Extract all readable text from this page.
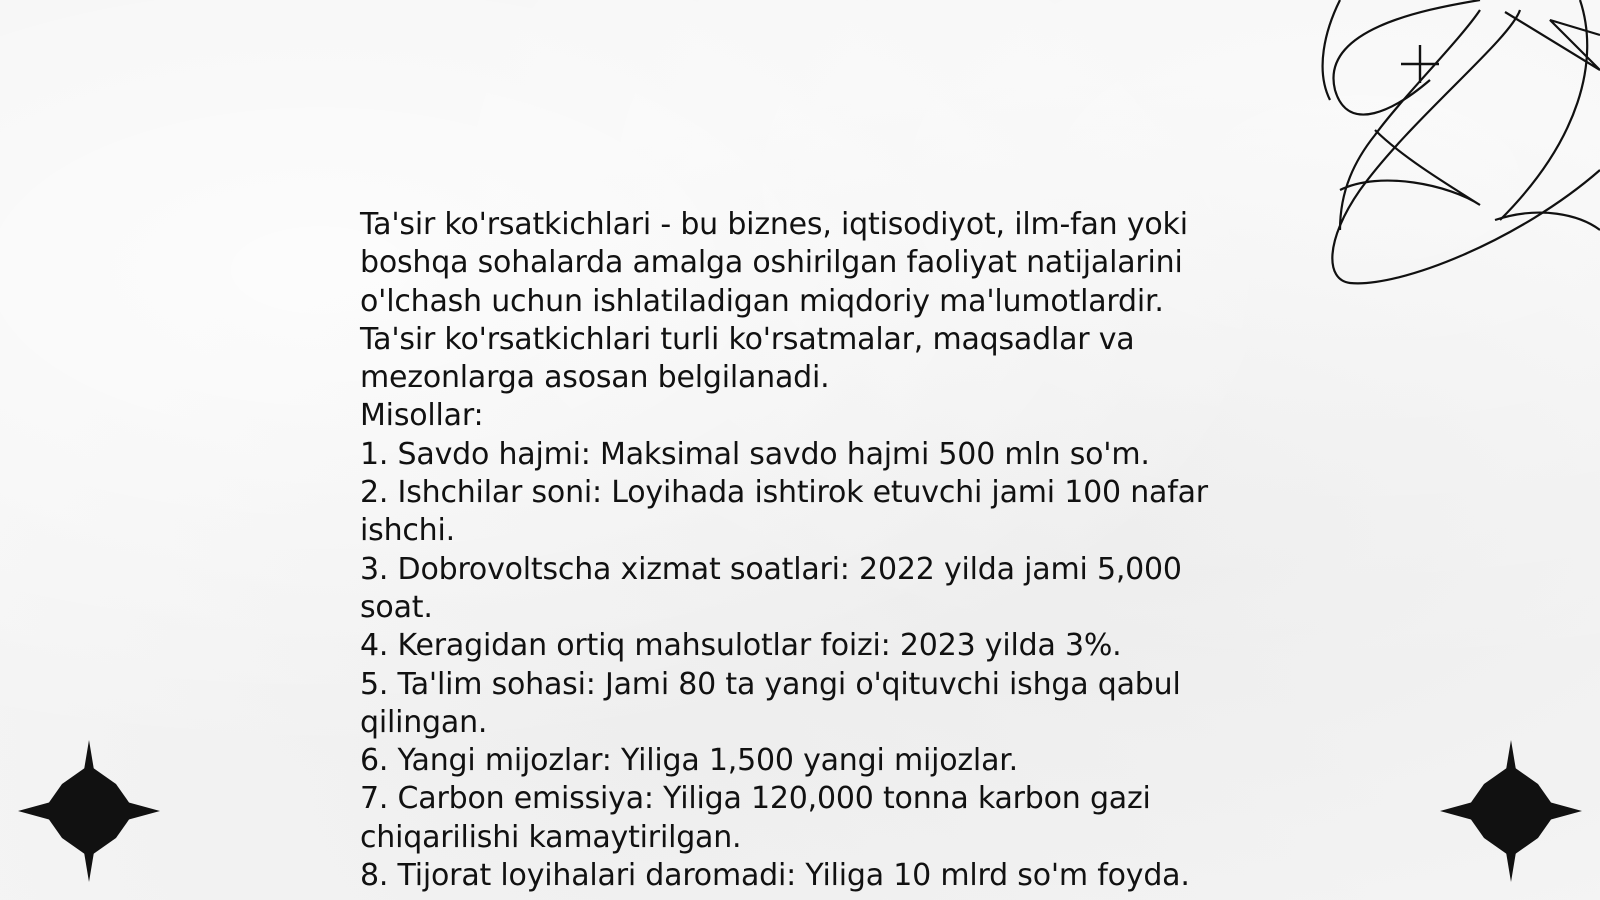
Ta'sir ko'rsatkichlari - bu biznes, iqtisodiyot, ilm-fan yoki boshqa sohalarda amalga oshirilgan faoliyat natijalarini o'lchash uchun ishlatiladigan miqdoriy ma'lumotlardir.

Ta'sir ko'rsatkichlari turli ko'rsatmalar, maqsadlar va mezonlarga asosan belgilanadi.

Misollar:

1. Savdo hajmi: Maksimal savdo hajmi 500 mln so'm.

2. Ishchilar soni: Loyihada ishtirok etuvchi jami 100 nafar ishchi.

3. Dobrovoltscha xizmat soatlari: 2022 yilda jami 5,000 soat.

4. Keragidan ortiq mahsulotlar foizi: 2023 yilda 3%.

5. Ta'lim sohasi: Jami 80 ta yangi o'qituvchi ishga qabul qilingan.

6. Yangi mijozlar: Yiliga 1,500 yangi mijozlar.

7. Carbon emissiya: Yiliga 120,000 tonna karbon gazi chiqarilishi kamaytirilgan.

8. Tijorat loyihalari daromadi: Yiliga 10 mlrd so'm foyda.
